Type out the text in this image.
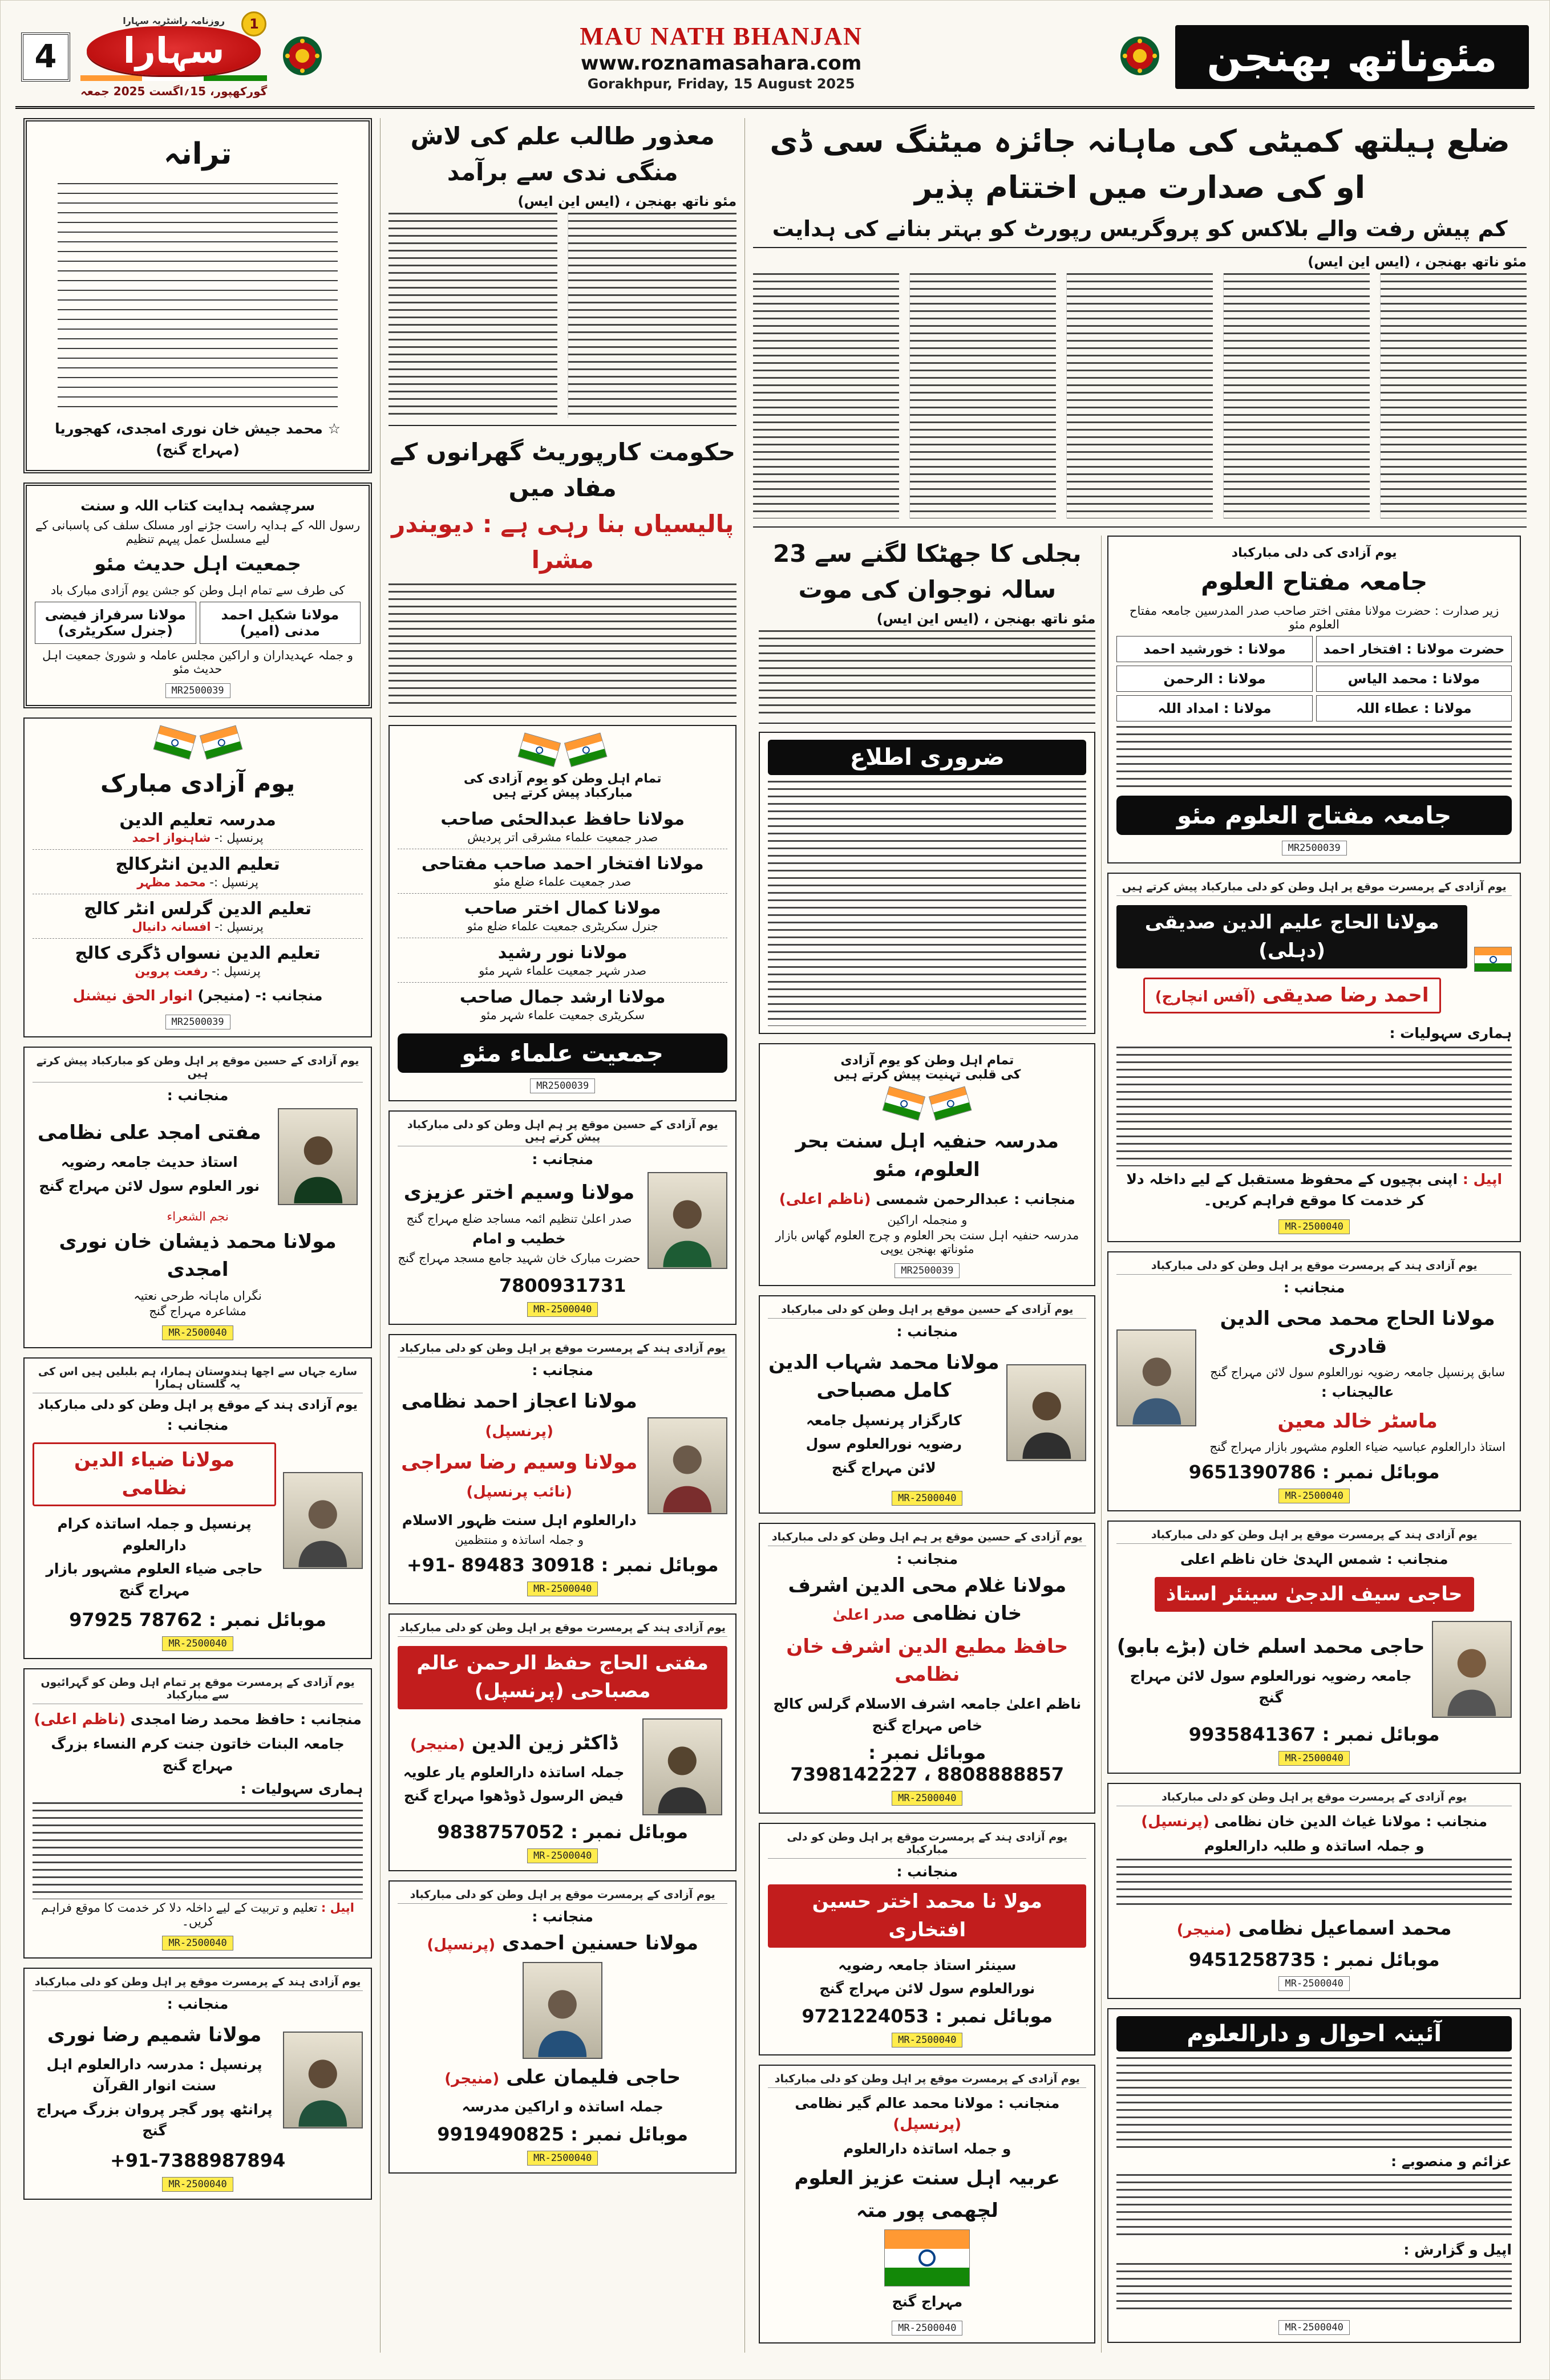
4
روزنامہ راشٹریہ سہارا	1
سہارا
گورکھپور، 15؍اگست 2025 جمعہ
MAU NATH BHANJAN
www.roznamasahara.com
Gorakhpur, Friday, 15 August 2025
مئوناتھ بھنجن
ضلع ہیلتھ کمیٹی کی ماہانہ جائزہ میٹنگ سی ڈی او کی صدارت میں اختتام پذیر
کم پیش رفت والے بلاکس کو پروگریس رپورٹ کو بہتر بنانے کی ہدایت
مئو ناتھ بھنجن ، (ایس این ایس)
یوم آزادی کی دلی مبارکباد
جامعہ مفتاح العلوم
زیر صدارت : حضرت مولانا مفتی اختر صاحب صدر المدرسین جامعہ مفتاح العلوم مئو
حضرت مولانا : افتخار احمد
مولانا : خورشید احمد
مولانا : محمد الیاس
مولانا : الرحمن
مولانا : عطاء اللہ
مولانا : امداد اللہ
جامعہ مفتاح العلوم مئو
MR2500039
یوم آزادی کے پرمسرت موقع پر اہل وطن کو دلی مبارکباد پیش کرتے ہیں
مولانا الحاج علیم الدین صدیقی (دہلی) احمد رضا صدیقی (آفس انچارج)
ہماری سہولیات :
اپیل : اپنی بچیوں کے محفوظ مستقبل کے لیے داخلہ دلا کر خدمت کا موقع فراہم کریں۔
MR-2500040
یوم آزادی ہند کے پرمسرت موقع پر اہل وطن کو دلی مبارکباد
منجانب :
مولانا الحاج محمد محی الدین قادری
سابق پرنسپل جامعہ رضویہ نورالعلوم سول لائن مہراج گنج
عالیجناب :
ماسٹر خالد معین
استاذ دارالعلوم عباسیہ ضیاء العلوم مشہور بازار مہراج گنج
موبائل نمبر : 9651390786
MR-2500040
یوم آزادی ہند کے پرمسرت موقع پر اہل وطن کو دلی مبارکباد
منجانب : شمس الہدیٰ خان ناظم اعلی
حاجی سیف الدجیٰ سینئر استاذ
حاجی محمد اسلم خان (بڑے بابو)
جامعہ رضویہ نورالعلوم سول لائن مہراج گنج
موبائل نمبر : 9935841367
MR-2500040
یوم آزادی کے پرمسرت موقع پر اہل وطن کو دلی مبارکباد
منجانب : مولانا غیاث الدین خان نظامی (پرنسپل)
و جملہ اساتذہ و طلبہ دارالعلوم
محمد اسماعیل نظامی (منیجر)
موبائل نمبر : 9451258735
MR-2500040
آئینہ احوال و دارالعلوم
عزائم و منصوبے :
اپیل و گزارش :
MR-2500040
بجلی کا جھٹکا لگنے سے 23
سالہ نوجوان کی موت
مئو ناتھ بھنجن ، (ایس این ایس)
ضروری اطلاع
تمام اہل وطن کو یوم آزادی
کی قلبی تہنیت پیش کرتے ہیں
مدرسہ حنفیہ اہل سنت بحر العلوم، مئو
منجانب : عبدالرحمن شمسی (ناظم اعلی)
و منجملہ اراکین
مدرسہ حنفیہ اہل سنت بحر العلوم و چرج العلوم گھاس بازار مئوناتھ بھنجن یوپی
MR2500039
یوم آزادی کے حسین موقع پر اہل وطن کو دلی مبارکباد
منجانب :
مولانا محمد شہاب الدین کامل مصباحی
کارگزار پرنسپل جامعہ
رضویہ نورالعلوم سول
لائن مہراج گنج
MR-2500040
یوم آزادی کے حسین موقع پر ہم اہل وطن کو دلی مبارکباد
منجانب :
مولانا غلام محی الدین اشرف خان نظامی صدر اعلیٰ
حافظ مطیع الدین اشرف خان نظامی
ناظم اعلیٰ جامعہ اشرف الاسلام گرلس کالج خاص مہراج گنج
موبائل نمبر : 7398142227 ، 8808888857
MR-2500040
یوم آزادی ہند کے پرمسرت موقع پر اہل وطن کو دلی مبارکباد
منجانب :
مولا نا محمد اختر حسین افتخاری
سینئر استاذ جامعہ رضویہ
نورالعلوم سول لائن مہراج گنج
موبائل نمبر : 9721224053
MR-2500040
یوم آزادی کے پرمسرت موقع پر اہل وطن کو دلی مبارکباد
منجانب : مولانا محمد عالم گیر نظامی (پرنسپل)
و جملہ اساتذہ دارالعلوم
عربیہ اہل سنت عزیز العلوم
لچھمی پور متہ
مہراج گنج
MR-2500040
معذور طالب علم کی لاش منگی ندی سے برآمد
مئو ناتھ بھنجن ، (ایس این ایس)
حکومت کارپوریٹ گھرانوں کے مفاد میں
پالیسیاں بنا رہی ہے : دیویندر مشرا
تمام اہل وطن کو یوم آزادی کی
مبارکباد پیش کرتے ہیں
مولانا حافظ عبدالحئی صاحب
صدر جمعیت علماء مشرقی اتر پردیش
مولانا افتخار احمد صاحب مفتاحی
صدر جمعیت علماء ضلع مئو
مولانا کمال اختر صاحب
جنرل سکریٹری جمعیت علماء ضلع مئو
مولانا نور رشید
صدر شہر جمعیت علماء شہر مئو
مولانا ارشد جمال صاحب
سکریٹری جمعیت علماء شہر مئو
جمعیت علماء مئو
MR2500039
یوم آزادی کے حسین موقع پر ہم اہل وطن کو دلی مبارکباد پیش کرتے ہیں
منجانب :
مولانا وسیم اختر عزیزی
صدر اعلیٰ تنظیم ائمہ مساجد ضلع مہراج گنج
خطیب و امام
حضرت مبارک خان شہید جامع مسجد مہراج گنج
7800931731
MR-2500040
یوم آزادی ہند کے پرمسرت موقع پر اہل وطن کو دلی مبارکباد
منجانب :
مولانا اعجاز احمد نظامی (پرنسپل)
مولانا وسیم رضا سراجی (نائب پرنسپل)
دارالعلوم اہل سنت ظہور الاسلام
و جملہ اساتذہ و منتظمین
موبائل نمبر : +91- 89483 30918
MR-2500040
یوم آزادی ہند کے پرمسرت موقع پر اہل وطن کو دلی مبارکباد
مفتی الحاج حفظ الرحمن عالم مصباحی (پرنسپل)
ڈاکٹر زین الدین (منیجر)
جملہ اساتذہ دارالعلوم یار علویہ
فیض الرسول ڈوڈھوا مہراج گنج
موبائل نمبر : 9838757052
MR-2500040
یوم آزادی کے پرمسرت موقع پر اہل وطن کو دلی مبارکباد
منجانب :
مولانا حسنین احمدی (پرنسپل)
حاجی فلیمان علی (منیجر)
جملہ اساتذہ و اراکین مدرسہ
موبائل نمبر : 9919490825
MR-2500040
ترانہ
☆ محمد جیش خان نوری امجدی، کھجوریا (مہراج گنج)
سرچشمہ ہدایت کتاب اللہ و سنت
رسول اللہ کے ہدایہ راست جڑنے اور مسلک سلف کی پاسبانی کے لیے مسلسل عمل پیہم تنظیم
جمعیت اہل حدیث مئو
کی طرف سے تمام اہل وطن کو جشن یوم آزادی مبارک باد
مولانا شکیل احمد مدنی (امیر)
مولانا سرفراز فیضی (جنرل سکریٹری)
و جملہ عہدیداران و اراکین مجلس عاملہ و شوریٰ جمعیت اہل حدیث مئو
MR2500039
یوم آزادی مبارک
مدرسہ تعلیم الدین
پرنسپل :- شاہنواز احمد
تعلیم الدین انٹرکالج
پرنسپل :- محمد مظہر
تعلیم الدین گرلس انٹر کالج
پرنسپل :- افسانہ دانیال
تعلیم الدین نسواں ڈگری کالج
پرنسپل :- رفعت پروین
منجانب :- (منیجر) انوار الحق نیشنل
MR2500039
یوم آزادی کے حسین موقع پر اہل وطن کو مبارکباد پیش کرتے ہیں
منجانب :
مفتی امجد علی نظامی
استاذ حدیث جامعہ رضویہ
نور العلوم سول لائن مہراج گنج
نجم الشعراء
مولانا محمد ذیشان خان نوری امجدی
نگراں ماہانہ طرحی نعتیہ
مشاعرہ مہراج گنج
MR-2500040
سارے جہاں سے اچھا ہندوستان ہمارا، ہم بلبلیں ہیں اس کی یہ گلستاں ہمارا
یوم آزادی ہند کے موقع پر اہل وطن کو دلی مبارکباد
منجانب :
مولانا ضیاء الدین نظامی
پرنسپل و جملہ اساتذہ کرام دارالعلوم
حاجی ضیاء العلوم مشہور بازار مہراج گنج
موبائل نمبر : 97925 78762
MR-2500040
یوم آزادی کے پرمسرت موقع پر تمام اہل وطن کو گہرائیوں سے مبارکباد
منجانب : حافظ محمد رضا امجدی (ناظم اعلی)
جامعہ البنات خاتون جنت کرم النساء بزرگ مہراج گنج
ہماری سہولیات :
اپیل : تعلیم و تربیت کے لیے داخلہ دلا کر خدمت کا موقع فراہم کریں۔
MR-2500040
یوم آزادی ہند کے پرمسرت موقع پر اہل وطن کو دلی مبارکباد
منجانب :
مولانا شمیم رضا نوری
پرنسپل : مدرسہ دارالعلوم اہل سنت انوار القرآن
پرانٹھ پور گجر پروان بزرگ مہراج گنج
+91-7388987894
MR-2500040
